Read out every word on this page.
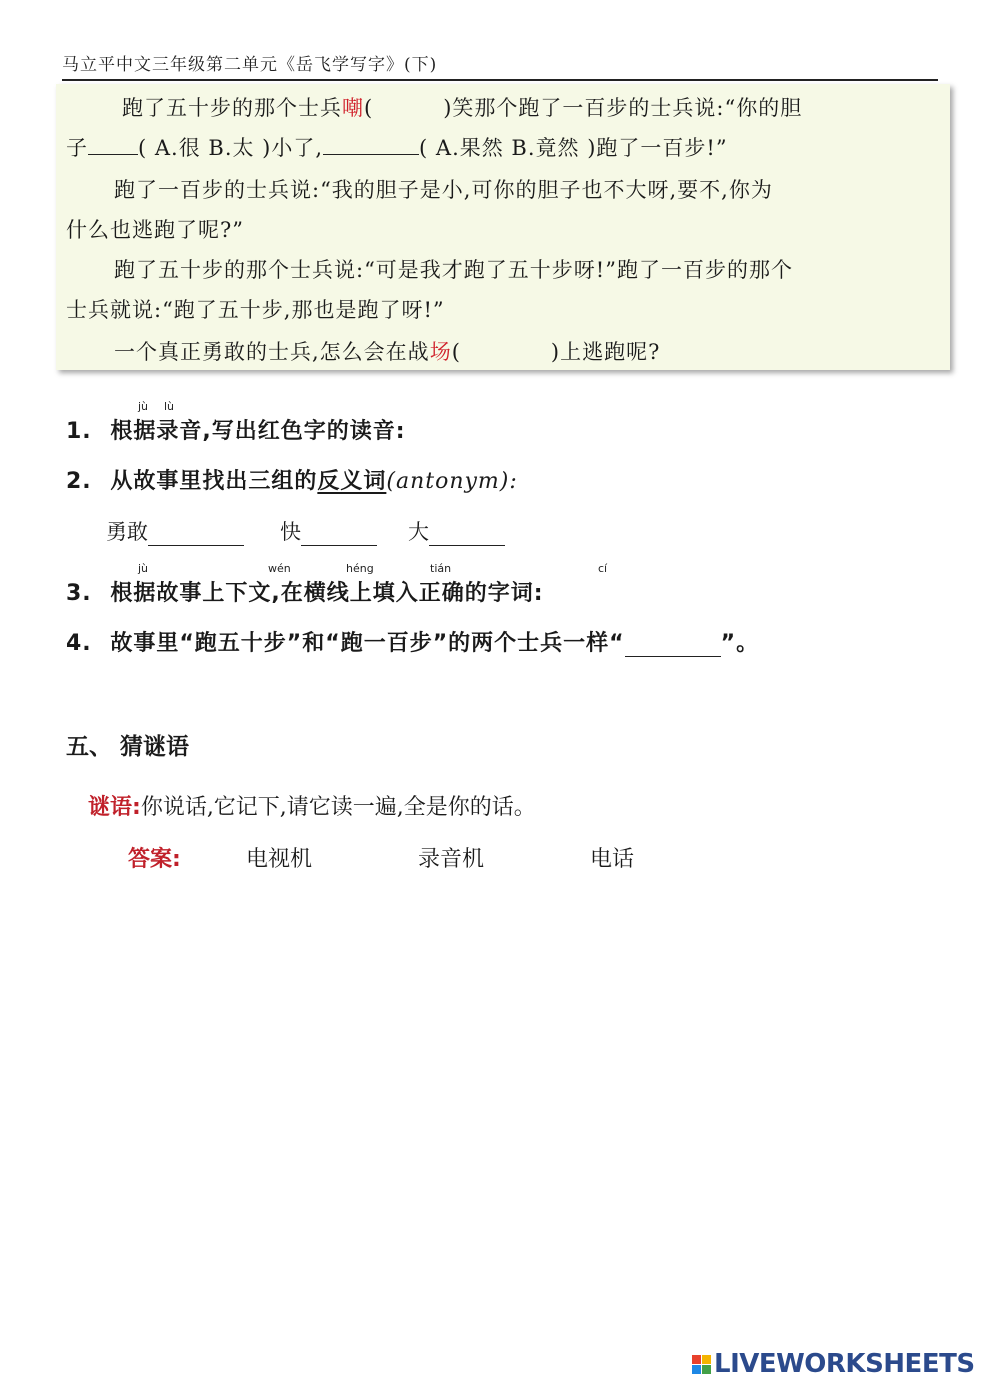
马立平中文三年级第二单元《岳飞学写字》(下)
跑了五十步的那个士兵嘲(	)笑那个跑了一百步的士兵说:“你的胆
子 ( A.很 B.太 )小了,	( A.果然 B.竟然 )跑了一百步!”
跑了一百步的士兵说:“我的胆子是小,可你的胆子也不大呀,要不,你为
什么也逃跑了呢?”
跑了五十步的那个士兵说:“可是我才跑了五十步呀!”跑了一百步的那个
士兵就说:“跑了五十步,那也是跑了呀!”
一个真正勇敢的士兵,怎么会在战场(	)上逃跑呢?
jù lù
1. 根据录音,写出红色字的读音:
2. 从故事里找出三组的反义词(antonym):
勇敢	快	大
jù	wén	héng	tián	cí
3. 根据故事上下文,在横线上填入正确的字词:
4. 故事里“跑五十步”和“跑一百步”的两个士兵一样“	”。
五、 猜谜语
谜语:你说话,它记下,请它读一遍,全是你的话。
答案:	电视机	录音机	电话
LIVEWORKSHEETS
